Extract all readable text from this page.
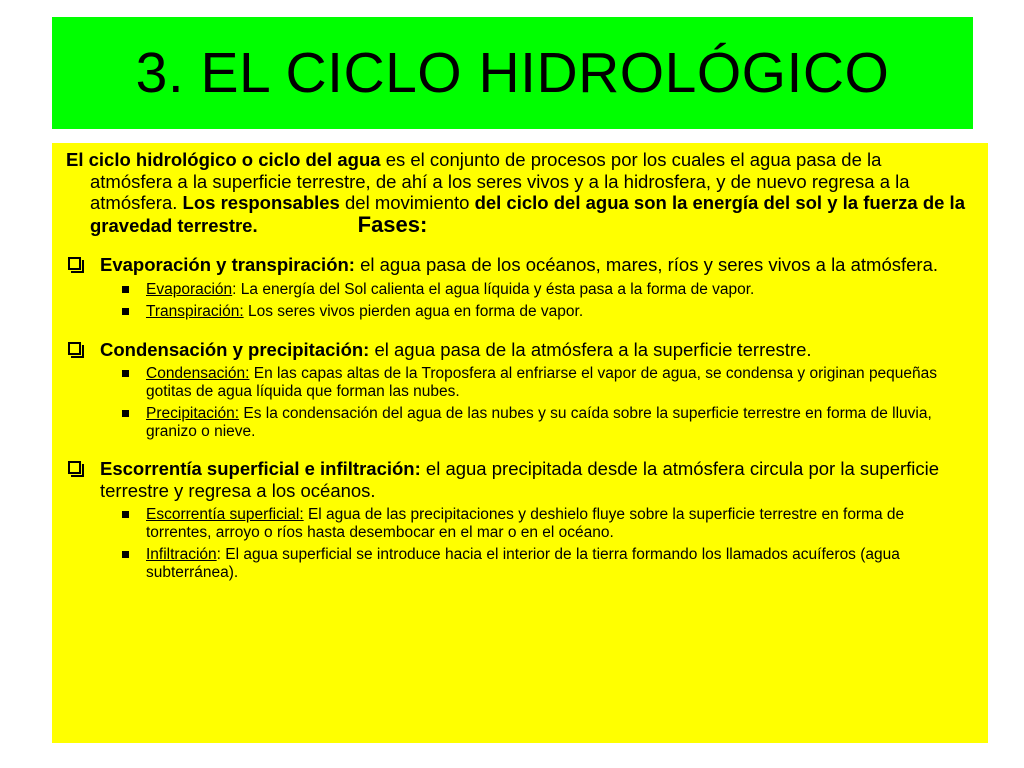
3. EL CICLO HIDROLÓGICO

El ciclo hidrológico o ciclo del agua es el conjunto de procesos por los cuales el agua pasa de la atmósfera a la superficie terrestre, de ahí a los seres vivos y a la hidrosfera, y de nuevo regresa a la atmósfera. Los responsables del movimiento del ciclo del agua son la energía del sol y la fuerza de la gravedad terrestre.	Fases:

Evaporación y transpiración: el agua pasa de los océanos, mares, ríos y seres vivos a la atmósfera.
Evaporación: La energía del Sol calienta el agua líquida y ésta pasa a la forma de vapor.
Transpiración: Los seres vivos pierden agua en forma de vapor.
Condensación y precipitación: el agua pasa de la atmósfera a la superficie terrestre.
Condensación: En las capas altas de la Troposfera al enfriarse el vapor de agua, se condensa y originan pequeñas gotitas de agua líquida que forman las nubes.
Precipitación: Es la condensación del agua de las nubes y su caída sobre la superficie terrestre en forma de lluvia, granizo o nieve.
Escorrentía superficial e infiltración: el agua precipitada desde la atmósfera circula por la superficie terrestre y regresa a los océanos.
Escorrentía superficial: El agua de las precipitaciones y deshielo fluye sobre la superficie terrestre en forma de torrentes, arroyo o ríos hasta desembocar en el mar o en el océano.
Infiltración: El agua superficial se introduce hacia el interior de la tierra formando los llamados acuíferos (agua subterránea).
